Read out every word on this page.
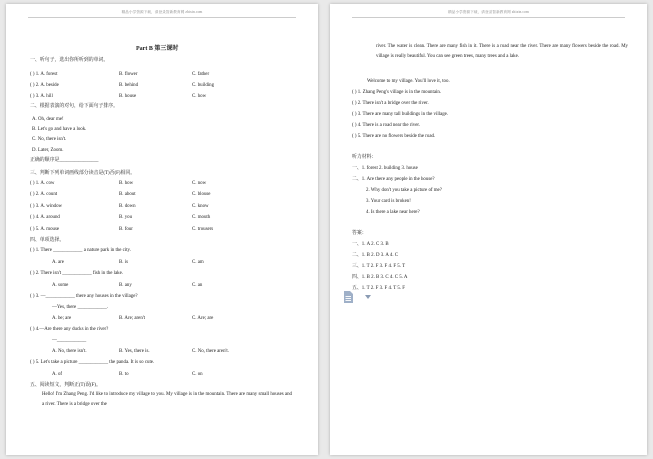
精品小学资源下载，请登录智新教育网 zhixin.com
Part B 第三课时
一、听句子，选出你所听到的单词。
( ) 1. A. forest	B. flower	C. father
( ) 2. A. beside	B. behind	C. building
( ) 3. A. hill	B. house	C. how
二、根据表演的对句，给下面句子排序。
A. Oh, dear me!
B. Let's go and have a look.
C. No, there isn't.
D. Later, Zoom.
正确的顺序是________________
三、判断下列单词画线部分读音是(T)否(F)相同。
( ) 1. A. cow	B. how	C. now
( ) 2. A. count	B. about	C. blouse
( ) 3. A. window	B. down	C. know
( ) 4. A. around	B. you	C. mouth
( ) 5. A. mouse	B. four	C. trousers
四、单项选择。
( ) 1. There ____________ a nature park in the city.
A. are	B. is	C. am
( ) 2. There isn't ____________ fish in the lake.
A. some	B. any	C. an
( ) 3. —____________ there any houses in the village?
—Yes, there ____________.
A. be; are	B. Are; aren't	C. Are; are
( ) 4.—Are there any ducks in the river?
—____________
A. No, there isn't.	B. Yes, there is.	C. No, there aren't.
( ) 5. Let's take a picture ____________ the panda. It is so cute.
A. of	B. to	C. on
五、阅读短文，判断正(T)误(F)。
Hello! I'm Zhang Peng. I'd like to introduce my village to you. My village is in the mountain. There are many small houses and a river. There is a bridge over the
精品小学资源下载，请登录智新教育网 zhixin.com
river. The water is clean. There are many fish in it. There is a road near the river. There are many flowers beside the road. My village is really beautiful. You can see green trees, many trees and a lake.
Welcome to my village. You'll love it, too.
( ) 1. Zhang Peng's village is in the mountain.
( ) 2. There isn't a bridge over the river.
( ) 3. There are many tall buildings in the village.
( ) 4. There is a road near the river.
( ) 5. There are no flowers beside the road.
听力材料：
一、1. forest 2. building 3. house
二、1. Are there any people in the house?
2. Why don't you take a picture of me?
3. Your card is broken!
4. Is there a lake near here?
答案：
一、1. A 2. C 3. B
二、1. B 2. D 3. A 4. C
三、1. T 2. F 3. F 4. F 5. T
四、1. B 2. B 3. C 4. C 5. A
五、1. T 2. F 3. F 4. T 5. F
